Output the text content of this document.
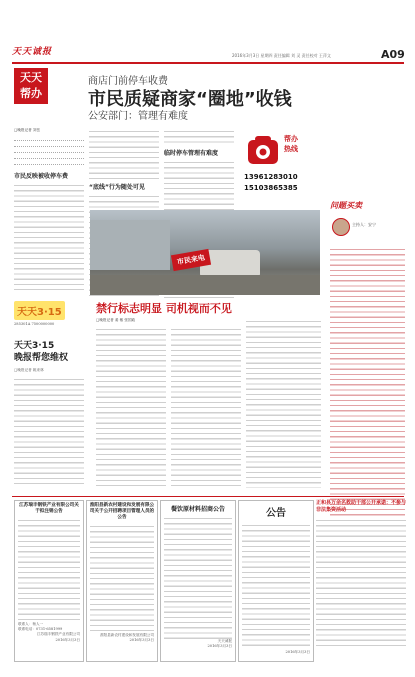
天天诚报	2016年3月3日 星期四 责任编辑 刘 灵 责任校对 王萍文	A09
天天
帮办
商店门前停车收费
市民质疑商家“圈地”收钱
公安部门：管理有难度
□晚报记者 刘岳
市民反映被收停车费
“底线”行为随处可见
临时停车管理有难度
帮办
热线
13961283010
15103865385
问题买卖
主持人：安宁
天天3·15
285301A 7500000000
天天3·15
晚报帮您维权
□晚报记者 姚来林
市民来电
禁行标志明显 司机视而不见
□晚报记者 姜 敏 张国政
江苏瑞丰钢铁产业有限公司关于拟注销公告
联系人：杨人一
联系电话：0731-6581999
江苏瑞丰钢铁产业有限公司
2016年3月3日
淮阳县新农村建设和发展有限公司关于公开招聘项目管理人员的公告
淮阳县新农村建设和发展有限公司
2016年3月3日
餐饮原材料招商公告
天天诚报
2016年3月3日
公告
2016年3月3日
正和县万余名救助干部公开承诺：不参与非法集资活动
